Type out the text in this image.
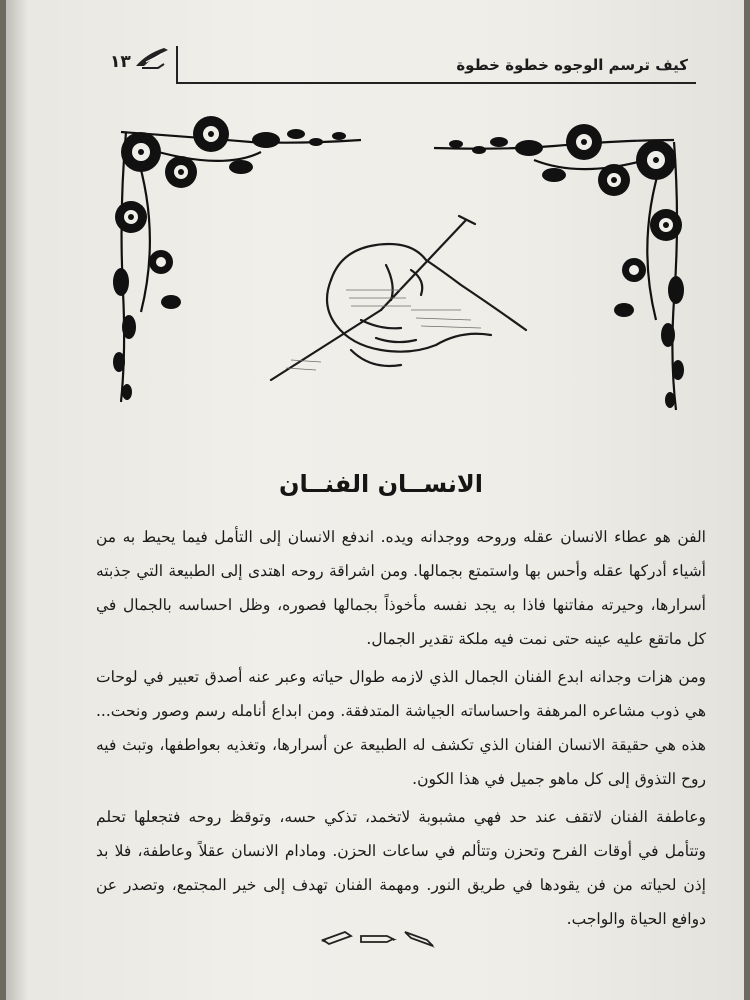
١٣	كيف ترسم الوجوه خطوة خطوة
الانســان الفنــان

الفن هو عطاء الانسان عقله وروحه ووجدانه ويده. اندفع الانسان إلى التأمل فيما يحيط به من أشياء أدركها عقله وأحس بها واستمتع بجمالها. ومن اشراقة روحه اهتدى إلى الطبيعة التي جذبته أسرارها، وحيرته مفاتنها فاذا به يجد نفسه مأخوذاً بجمالها فصوره، وظل احساسه بالجمال في كل ماتقع عليه عينه حتى نمت فيه ملكة تقدير الجمال.

ومن هزات وجدانه ابدع الفنان الجمال الذي لازمه طوال حياته وعبر عنه أصدق تعبير في لوحات هي ذوب مشاعره المرهفة واحساساته الجياشة المتدفقة. ومن ابداع أنامله رسم وصور ونحت... هذه هي حقيقة الانسان الفنان الذي تكشف له الطبيعة عن أسرارها، وتغذيه بعواطفها، وتبث فيه روح التذوق إلى كل ماهو جميل في هذا الكون.

وعاطفة الفنان لاتقف عند حد فهي مشبوبة لاتخمد، تذكي حسه، وتوقظ روحه فتجعلها تحلم وتتأمل في أوقات الفرح وتحزن وتتألم في ساعات الحزن. ومادام الانسان عقلاً وعاطفة، فلا بد إذن لحياته من فن يقودها في طريق النور. ومهمة الفنان تهدف إلى خير المجتمع، وتصدر عن دوافع الحياة والواجب.
